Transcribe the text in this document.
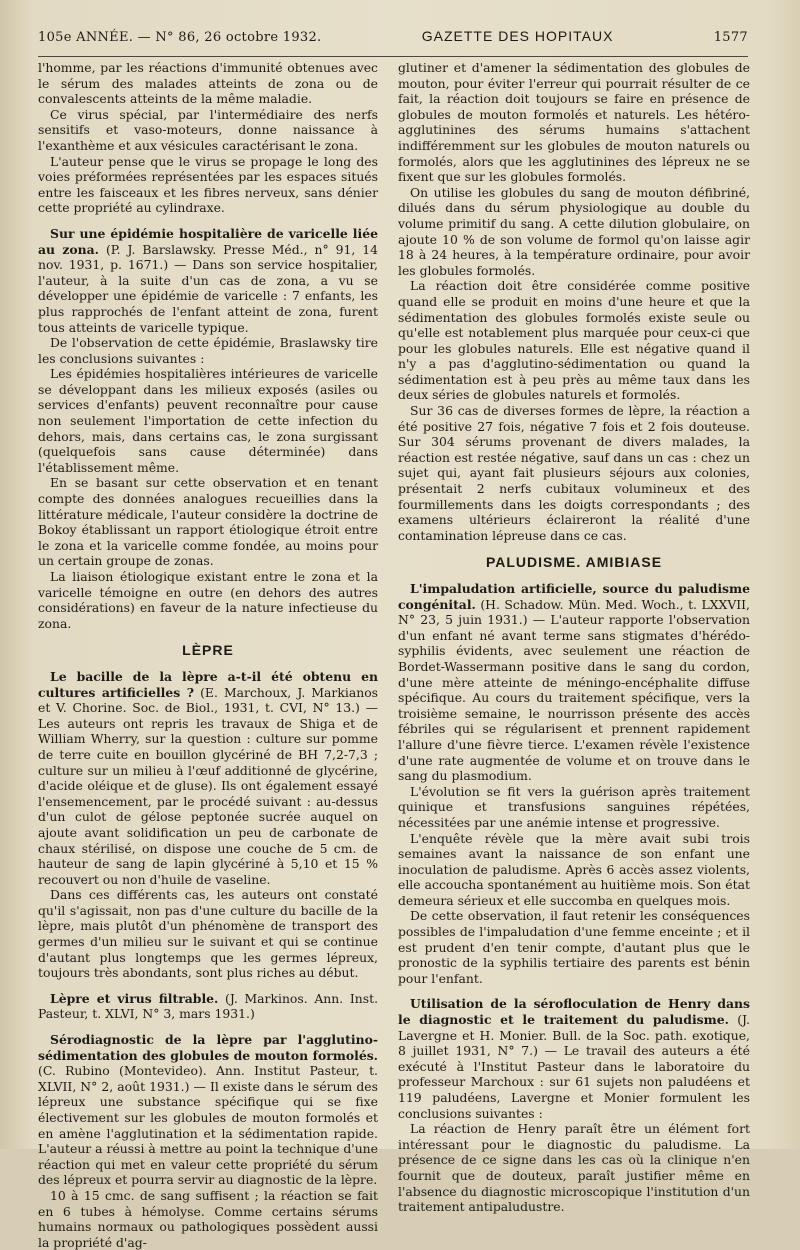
105e ANNÉE. — N° 86, 26 octobre 1932.	GAZETTE DES HOPITAUX	1577

l'homme, par les réactions d'immunité obtenues avec le sérum des malades atteints de zona ou de convalescents atteints de la même maladie.

Ce virus spécial, par l'intermédiaire des nerfs sensitifs et vaso-moteurs, donne naissance à l'exanthème et aux vésicules caractérisant le zona.

L'auteur pense que le virus se propage le long des voies préformées représentées par les espaces situés entre les faisceaux et les fibres nerveux, sans dénier cette propriété au cylindraxe.

Sur une épidémie hospitalière de varicelle liée au zona. (P. J. Barslawsky. Presse Méd., n° 91, 14 nov. 1931, p. 1671.) — Dans son service hospitalier, l'auteur, à la suite d'un cas de zona, a vu se développer une épidémie de varicelle : 7 enfants, les plus rapprochés de l'enfant atteint de zona, furent tous atteints de varicelle typique.

De l'observation de cette épidémie, Braslawsky tire les conclusions suivantes :

Les épidémies hospitalières intérieures de varicelle se développant dans les milieux exposés (asiles ou services d'enfants) peuvent reconnaître pour cause non seulement l'importation de cette infection du dehors, mais, dans certains cas, le zona surgissant (quelquefois sans cause déterminée) dans l'établissement même.

En se basant sur cette observation et en tenant compte des données analogues recueillies dans la littérature médicale, l'auteur considère la doctrine de Bokoy établissant un rapport étiologique étroit entre le zona et la varicelle comme fondée, au moins pour un certain groupe de zonas.

La liaison étiologique existant entre le zona et la varicelle témoigne en outre (en dehors des autres considérations) en faveur de la nature infectieuse du zona.

LÈPRE

Le bacille de la lèpre a-t-il été obtenu en cultures artificielles ? (E. Marchoux, J. Markianos et V. Chorine. Soc. de Biol., 1931, t. CVI, N° 13.) — Les auteurs ont repris les travaux de Shiga et de William Wherry, sur la question : culture sur pomme de terre cuite en bouillon glycériné de BH 7,2-7,3 ; culture sur un milieu à l'œuf additionné de glycérine, d'acide oléique et de gluse). Ils ont également essayé l'ensemencement, par le procédé suivant : au-dessus d'un culot de gélose peptonée sucrée auquel on ajoute avant solidification un peu de carbonate de chaux stérilisé, on dispose une couche de 5 cm. de hauteur de sang de lapin glycériné à 5,10 et 15 % recouvert ou non d'huile de vaseline.

Dans ces différents cas, les auteurs ont constaté qu'il s'agissait, non pas d'une culture du bacille de la lèpre, mais plutôt d'un phénomène de transport des germes d'un milieu sur le suivant et qui se continue d'autant plus longtemps que les germes lépreux, toujours très abondants, sont plus riches au début.

Lèpre et virus filtrable. (J. Markinos. Ann. Inst. Pasteur, t. XLVI, N° 3, mars 1931.)

Sérodiagnostic de la lèpre par l'agglutino-sédimentation des globules de mouton formolés. (C. Rubino (Montevideo). Ann. Institut Pasteur, t. XLVII, N° 2, août 1931.) — Il existe dans le sérum des lépreux une substance spécifique qui se fixe électivement sur les globules de mouton formolés et en amène l'agglutination et la sédimentation rapide. L'auteur a réussi à mettre au point la technique d'une réaction qui met en valeur cette propriété du sérum des lépreux et pourra servir au diagnostic de la lèpre.

10 à 15 cmc. de sang suffisent ; la réaction se fait en 6 tubes à hémolyse. Comme certains sérums humains normaux ou pathologiques possèdent aussi la propriété d'ag-

glutiner et d'amener la sédimentation des globules de mouton, pour éviter l'erreur qui pourrait résulter de ce fait, la réaction doit toujours se faire en présence de globules de mouton formolés et naturels. Les hétéro-agglutinines des sérums humains s'attachent indifféremment sur les globules de mouton naturels ou formolés, alors que les agglutinines des lépreux ne se fixent que sur les globules formolés.

On utilise les globules du sang de mouton défibriné, dilués dans du sérum physiologique au double du volume primitif du sang. A cette dilution globulaire, on ajoute 10 % de son volume de formol qu'on laisse agir 18 à 24 heures, à la température ordinaire, pour avoir les globules formolés.

La réaction doit être considérée comme positive quand elle se produit en moins d'une heure et que la sédimentation des globules formolés existe seule ou qu'elle est notablement plus marquée pour ceux-ci que pour les globules naturels. Elle est négative quand il n'y a pas d'agglutino-sédimentation ou quand la sédimentation est à peu près au même taux dans les deux séries de globules naturels et formolés.

Sur 36 cas de diverses formes de lèpre, la réaction a été positive 27 fois, négative 7 fois et 2 fois douteuse. Sur 304 sérums provenant de divers malades, la réaction est restée négative, sauf dans un cas : chez un sujet qui, ayant fait plusieurs séjours aux colonies, présentait 2 nerfs cubitaux volumineux et des fourmillements dans les doigts correspondants ; des examens ultérieurs éclaireront la réalité d'une contamination lépreuse dans ce cas.

PALUDISME. AMIBIASE

L'impaludation artificielle, source du paludisme congénital. (H. Schadow. Mün. Med. Woch., t. LXXVII, N° 23, 5 juin 1931.) — L'auteur rapporte l'observation d'un enfant né avant terme sans stigmates d'hérédo-syphilis évidents, avec seulement une réaction de Bordet-Wassermann positive dans le sang du cordon, d'une mère atteinte de méningo-encéphalite diffuse spécifique. Au cours du traitement spécifique, vers la troisième semaine, le nourrisson présente des accès fébriles qui se régularisent et prennent rapidement l'allure d'une fièvre tierce. L'examen révèle l'existence d'une rate augmentée de volume et on trouve dans le sang du plasmodium.

L'évolution se fit vers la guérison après traitement quinique et transfusions sanguines répétées, nécessitées par une anémie intense et progressive.

L'enquête révèle que la mère avait subi trois semaines avant la naissance de son enfant une inoculation de paludisme. Après 6 accès assez violents, elle accoucha spontanément au huitième mois. Son état demeura sérieux et elle succomba en quelques mois.

De cette observation, il faut retenir les conséquences possibles de l'impaludation d'une femme enceinte ; et il est prudent d'en tenir compte, d'autant plus que le pronostic de la syphilis tertiaire des parents est bénin pour l'enfant.

Utilisation de la sérofloculation de Henry dans le diagnostic et le traitement du paludisme. (J. Lavergne et H. Monier. Bull. de la Soc. path. exotique, 8 juillet 1931, N° 7.) — Le travail des auteurs a été exécuté à l'Institut Pasteur dans le laboratoire du professeur Marchoux : sur 61 sujets non paludéens et 119 paludéens, Lavergne et Monier formulent les conclusions suivantes :

La réaction de Henry paraît être un élément fort intéressant pour le diagnostic du paludisme. La présence de ce signe dans les cas où la clinique n'en fournit que de douteux, paraît justifier même en l'absence du diagnostic microscopique l'institution d'un traitement antipaludustre.
